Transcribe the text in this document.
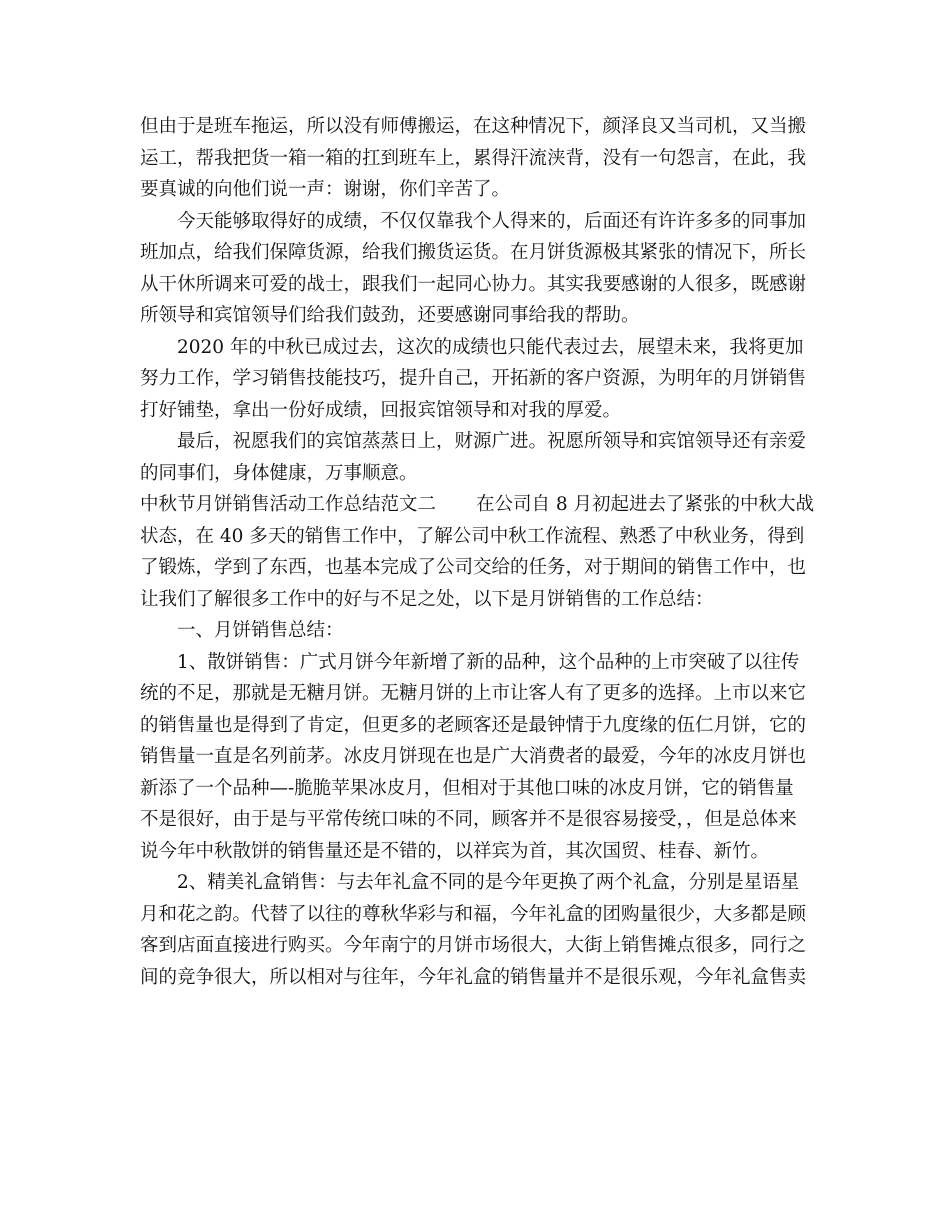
但由于是班车拖运，所以没有师傅搬运，在这种情况下，颜泽良又当司机，又当搬
运工，帮我把货一箱一箱的扛到班车上，累得汗流浃背，没有一句怨言，在此，我
要真诚的向他们说一声：谢谢，你们辛苦了。
今天能够取得好的成绩，不仅仅靠我个人得来的，后面还有许许多多的同事加
班加点，给我们保障货源，给我们搬货运货。在月饼货源极其紧张的情况下，所长
从干休所调来可爱的战士，跟我们一起同心协力。其实我要感谢的人很多，既感谢
所领导和宾馆领导们给我们鼓劲，还要感谢同事给我的帮助。
2020 年的中秋已成过去，这次的成绩也只能代表过去，展望未来，我将更加
努力工作，学习销售技能技巧，提升自己，开拓新的客户资源，为明年的月饼销售
打好铺垫，拿出一份好成绩，回报宾馆领导和对我的厚爱。
最后，祝愿我们的宾馆蒸蒸日上，财源广进。祝愿所领导和宾馆领导还有亲爱
的同事们，身体健康，万事顺意。
中秋节月饼销售活动工作总结范文二 在公司自 8 月初起进去了紧张的中秋大战
状态，在 40 多天的销售工作中，了解公司中秋工作流程、熟悉了中秋业务，得到
了锻炼，学到了东西，也基本完成了公司交给的任务，对于期间的销售工作中，也
让我们了解很多工作中的好与不足之处，以下是月饼销售的工作总结：
一、月饼销售总结：
1、散饼销售：广式月饼今年新增了新的品种，这个品种的上市突破了以往传
统的不足，那就是无糖月饼。无糖月饼的上市让客人有了更多的选择。上市以来它
的销售量也是得到了肯定，但更多的老顾客还是最钟情于九度缘的伍仁月饼，它的
销售量一直是名列前茅。冰皮月饼现在也是广大消费者的最爱，今年的冰皮月饼也
新添了一个品种—-脆脆苹果冰皮月，但相对于其他口味的冰皮月饼，它的销售量
不是很好，由于是与平常传统口味的不同，顾客并不是很容易接受，，但是总体来
说今年中秋散饼的销售量还是不错的，以祥宾为首，其次国贸、桂春、新竹。
2、精美礼盒销售：与去年礼盒不同的是今年更换了两个礼盒，分别是星语星
月和花之韵。代替了以往的尊秋华彩与和福，今年礼盒的团购量很少，大多都是顾
客到店面直接进行购买。今年南宁的月饼市场很大，大街上销售摊点很多，同行之
间的竞争很大，所以相对与往年，今年礼盒的销售量并不是很乐观，今年礼盒售卖
